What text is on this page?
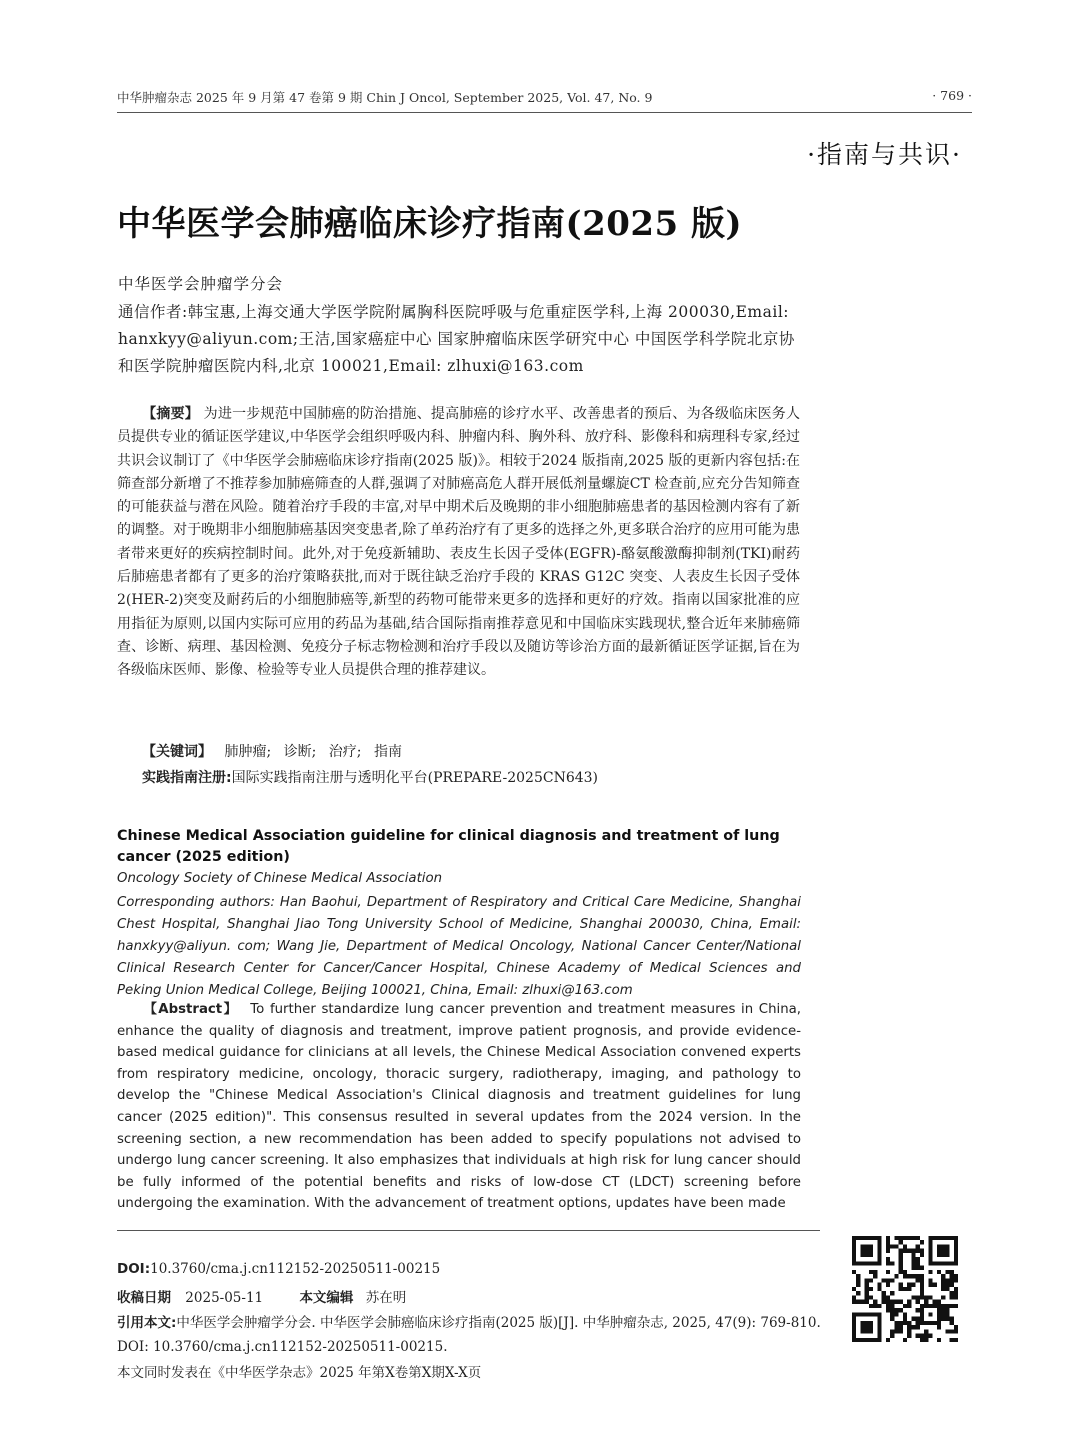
中华肿瘤杂志 2025 年 9 月第 47 卷第 9 期 Chin J Oncol, September 2025, Vol. 47, No. 9	· 769 ·
·指南与共识·
中华医学会肺癌临床诊疗指南(2025 版)
中华医学会肿瘤学分会
通信作者:韩宝惠,上海交通大学医学院附属胸科医院呼吸与危重症医学科,上海 200030,Email: hanxkyy@aliyun.com;王洁,国家癌症中心 国家肿瘤临床医学研究中心 中国医学科学院北京协和医学院肿瘤医院内科,北京 100021,Email: zlhuxi@163.com
【摘要】 为进一步规范中国肺癌的防治措施、提高肺癌的诊疗水平、改善患者的预后、为各级临床医务人员提供专业的循证医学建议,中华医学会组织呼吸内科、肿瘤内科、胸外科、放疗科、影像科和病理科专家,经过共识会议制订了《中华医学会肺癌临床诊疗指南(2025 版)》。相较于2024 版指南,2025 版的更新内容包括:在筛查部分新增了不推荐参加肺癌筛查的人群,强调了对肺癌高危人群开展低剂量螺旋CT 检查前,应充分告知筛查的可能获益与潜在风险。随着治疗手段的丰富,对早中期术后及晚期的非小细胞肺癌患者的基因检测内容有了新的调整。对于晚期非小细胞肺癌基因突变患者,除了单药治疗有了更多的选择之外,更多联合治疗的应用可能为患者带来更好的疾病控制时间。此外,对于免疫新辅助、表皮生长因子受体(EGFR)-酪氨酸激酶抑制剂(TKI)耐药后肺癌患者都有了更多的治疗策略获批,而对于既往缺乏治疗手段的 KRAS G12C 突变、人表皮生长因子受体2(HER-2)突变及耐药后的小细胞肺癌等,新型的药物可能带来更多的选择和更好的疗效。指南以国家批准的应用指征为原则,以国内实际可应用的药品为基础,结合国际指南推荐意见和中国临床实践现状,整合近年来肺癌筛查、诊断、病理、基因检测、免疫分子标志物检测和治疗手段以及随访等诊治方面的最新循证医学证据,旨在为各级临床医师、影像、检验等专业人员提供合理的推荐建议。
【关键词】 肺肿瘤; 诊断; 治疗; 指南
实践指南注册:国际实践指南注册与透明化平台(PREPARE-2025CN643)
Chinese Medical Association guideline for clinical diagnosis and treatment of lung cancer (2025 edition)
Oncology Society of Chinese Medical Association
Corresponding authors: Han Baohui, Department of Respiratory and Critical Care Medicine, Shanghai Chest Hospital, Shanghai Jiao Tong University School of Medicine, Shanghai 200030, China, Email: hanxkyy@aliyun. com; Wang Jie, Department of Medical Oncology, National Cancer Center/National Clinical Research Center for Cancer/Cancer Hospital, Chinese Academy of Medical Sciences and Peking Union Medical College, Beijing 100021, China, Email: zlhuxi@163.com
【Abstract】 To further standardize lung cancer prevention and treatment measures in China, enhance the quality of diagnosis and treatment, improve patient prognosis, and provide evidence-based medical guidance for clinicians at all levels, the Chinese Medical Association convened experts from respiratory medicine, oncology, thoracic surgery, radiotherapy, imaging, and pathology to develop the "Chinese Medical Association's Clinical diagnosis and treatment guidelines for lung cancer (2025 edition)". This consensus resulted in several updates from the 2024 version. In the screening section, a new recommendation has been added to specify populations not advised to undergo lung cancer screening. It also emphasizes that individuals at high risk for lung cancer should be fully informed of the potential benefits and risks of low-dose CT (LDCT) screening before undergoing the examination. With the advancement of treatment options, updates have been made
DOI:10.3760/cma.j.cn112152-20250511-00215
收稿日期 2025-05-11	本文编辑 苏在明
引用本文:中华医学会肿瘤学分会. 中华医学会肺癌临床诊疗指南(2025 版)[J]. 中华肿瘤杂志, 2025, 47(9): 769-810. DOI: 10.3760/cma.j.cn112152-20250511-00215.
本文同时发表在《中华医学杂志》2025 年第X卷第X期X-X页
